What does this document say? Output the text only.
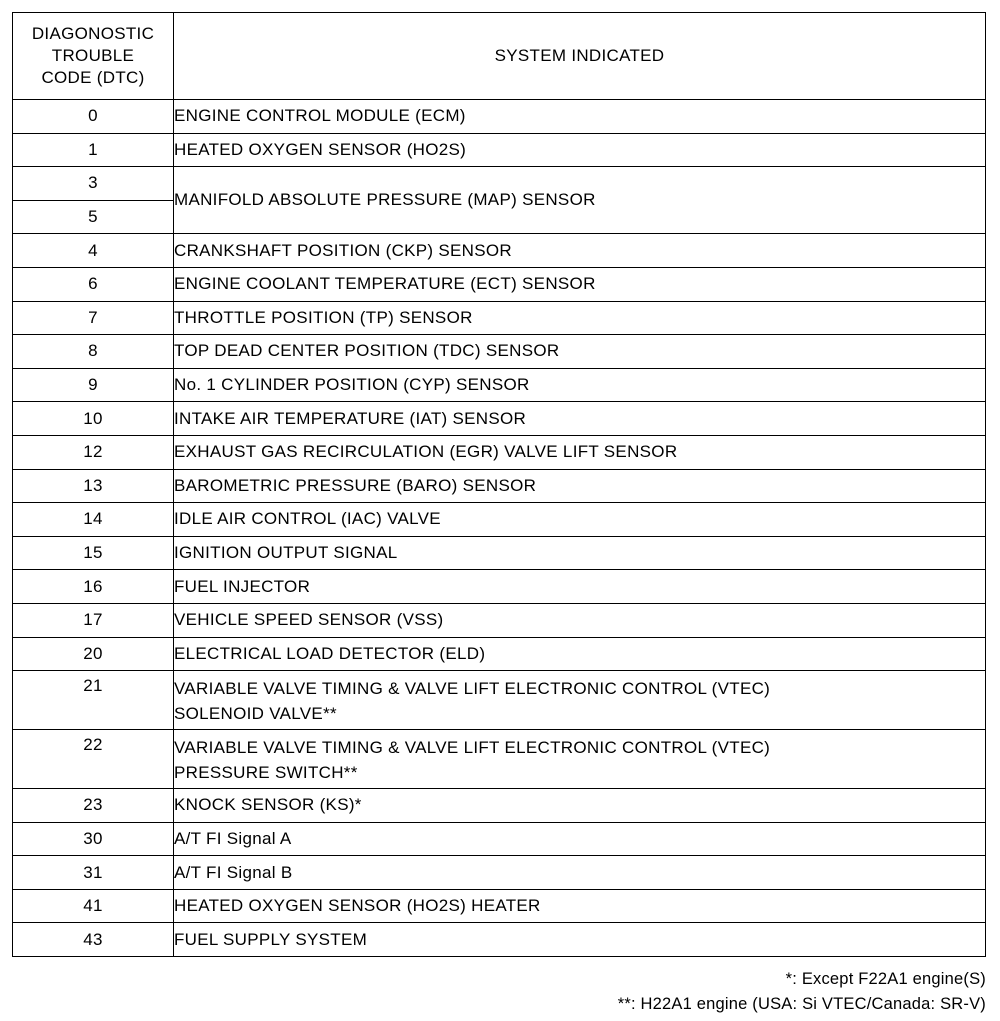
DIAGONOSTIC
TROUBLE
CODE (DTC)	SYSTEM INDICATED
0	ENGINE CONTROL MODULE (ECM)
1	HEATED OXYGEN SENSOR (HO2S)
3	MANIFOLD ABSOLUTE PRESSURE (MAP) SENSOR
5	
4	CRANKSHAFT POSITION (CKP) SENSOR
6	ENGINE COOLANT TEMPERATURE (ECT) SENSOR
7	THROTTLE POSITION (TP) SENSOR
8	TOP DEAD CENTER POSITION (TDC) SENSOR
9	No. 1 CYLINDER POSITION (CYP) SENSOR
10	INTAKE AIR TEMPERATURE (IAT) SENSOR
12	EXHAUST GAS RECIRCULATION (EGR) VALVE LIFT SENSOR
13	BAROMETRIC PRESSURE (BARO) SENSOR
14	IDLE AIR CONTROL (IAC) VALVE
15	IGNITION OUTPUT SIGNAL
16	FUEL INJECTOR
17	VEHICLE SPEED SENSOR (VSS)
20	ELECTRICAL LOAD DETECTOR (ELD)
21	VARIABLE VALVE TIMING & VALVE LIFT ELECTRONIC CONTROL (VTEC)
SOLENOID VALVE**

22	VARIABLE VALVE TIMING & VALVE LIFT ELECTRONIC CONTROL (VTEC)
PRESSURE SWITCH**

23	KNOCK SENSOR (KS)*
30	A/T FI Signal A
31	A/T FI Signal B
41	HEATED OXYGEN SENSOR (HO2S) HEATER
43	FUEL SUPPLY SYSTEM
*: Except F22A1 engine(S)
**: H22A1 engine (USA: Si VTEC/Canada: SR-V)
